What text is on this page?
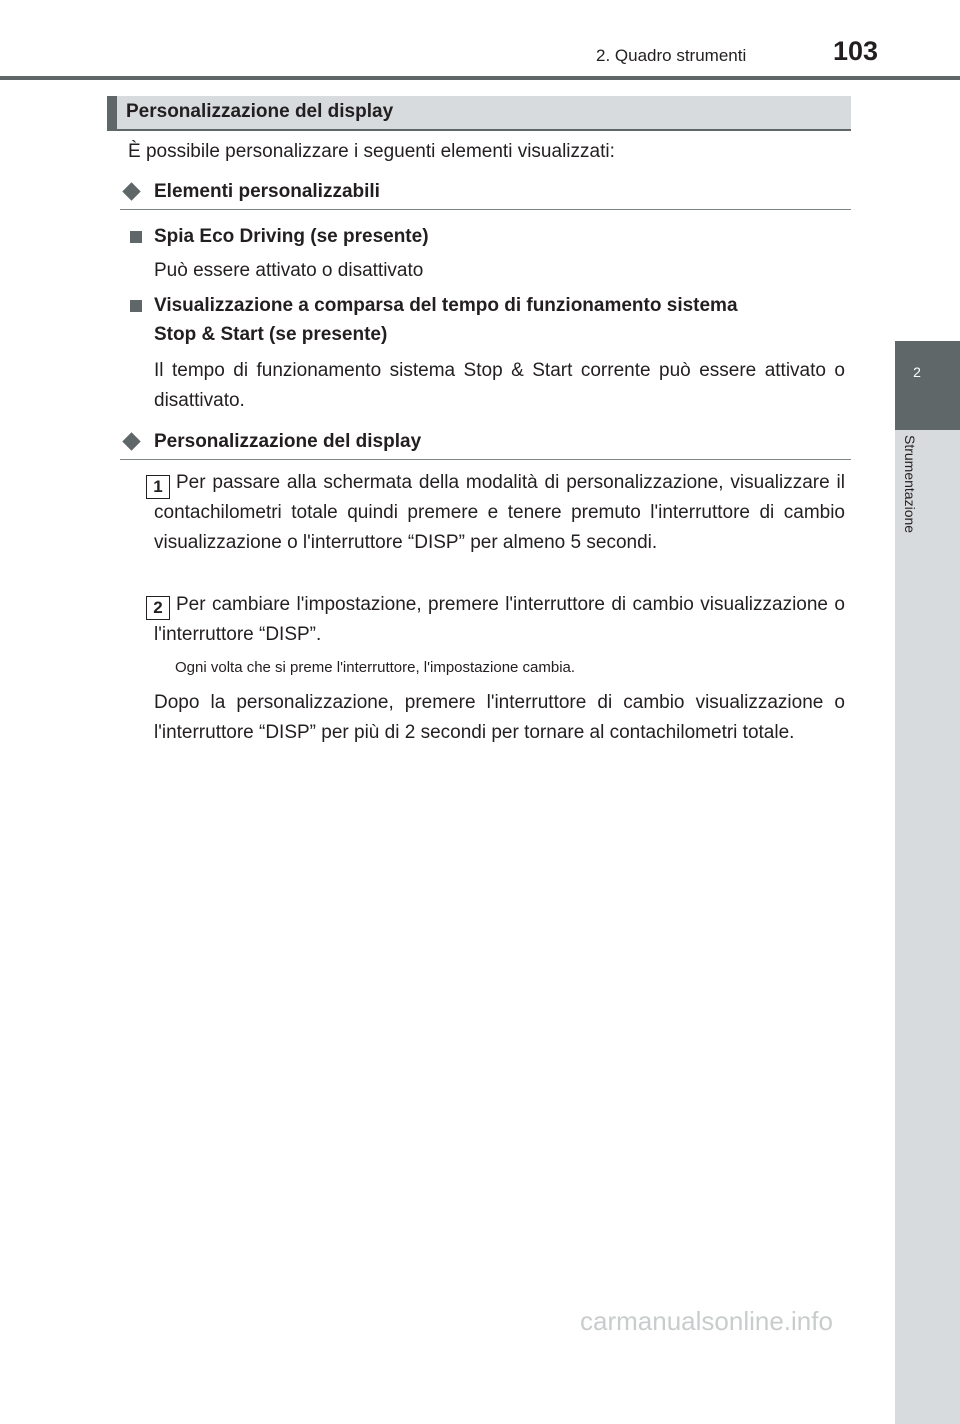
2. Quadro strumenti	103
2
Strumentazione
Personalizzazione del display
È possibile personalizzare i seguenti elementi visualizzati:
Elementi personalizzabili
Spia Eco Driving (se presente)
Può essere attivato o disattivato
Visualizzazione a comparsa del tempo di funzionamento sistema
Stop & Start (se presente)
Il tempo di funzionamento sistema Stop & Start corrente può essere attivato o disattivato.
Personalizzazione del display
1 Per passare alla schermata della modalità di personalizzazione, visualizzare il contachilometri totale quindi premere e tenere premuto l'interruttore di cambio visualizzazione o l'interruttore “DISP” per almeno 5 secondi.
2 Per cambiare l'impostazione, premere l'interruttore di cambio visualizzazione o l'interruttore “DISP”.
Ogni volta che si preme l'interruttore, l'impostazione cambia.
Dopo la personalizzazione, premere l'interruttore di cambio visualizzazione o l'interruttore “DISP” per più di 2 secondi per tornare al contachilometri totale.
carmanualsonline.info
